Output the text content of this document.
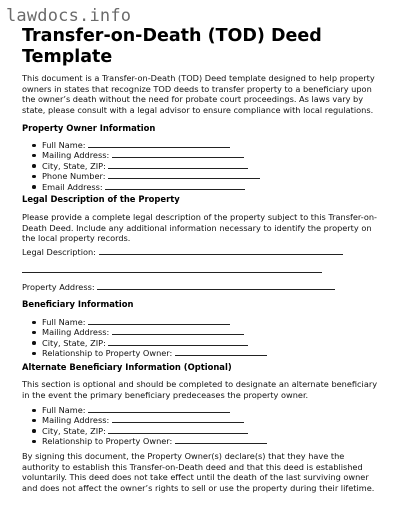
lawdocs.info
Transfer-on-Death (TOD) Deed Template
This document is a Transfer-on-Death (TOD) Deed template designed to help property owners in states that recognize TOD deeds to transfer property to a beneficiary upon the owner’s death without the need for probate court proceedings. As laws vary by state, please consult with a legal advisor to ensure compliance with local regulations.
Property Owner Information
Full Name:
Mailing Address:
City, State, ZIP:
Phone Number:
Email Address:
Legal Description of the Property
Please provide a complete legal description of the property subject to this Transfer-on-Death Deed. Include any additional information necessary to identify the property on the local property records.
Legal Description:
Property Address:
Beneficiary Information
Full Name:
Mailing Address:
City, State, ZIP:
Relationship to Property Owner:
Alternate Beneficiary Information (Optional)
This section is optional and should be completed to designate an alternate beneficiary in the event the primary beneficiary predeceases the property owner.
Full Name:
Mailing Address:
City, State, ZIP:
Relationship to Property Owner:
By signing this document, the Property Owner(s) declare(s) that they have the authority to establish this Transfer-on-Death deed and that this deed is established voluntarily. This deed does not take effect until the death of the last surviving owner and does not affect the owner’s rights to sell or use the property during their lifetime.
